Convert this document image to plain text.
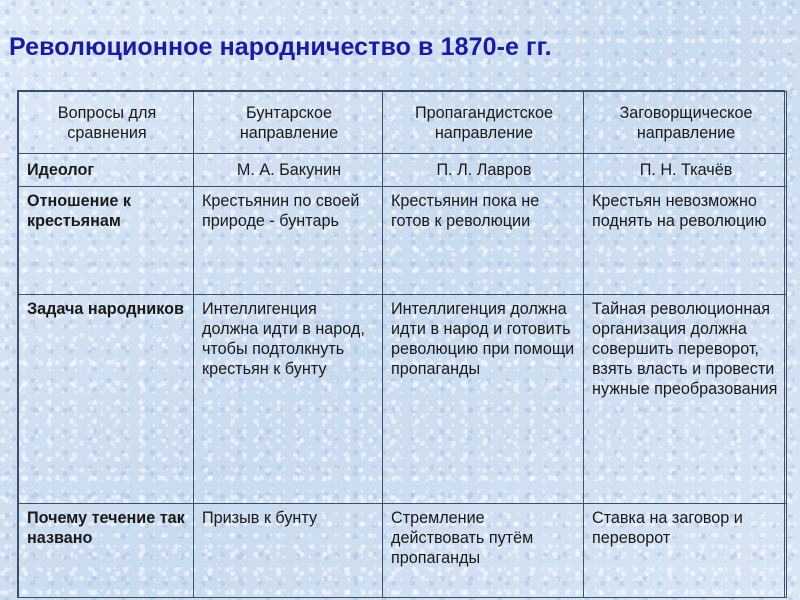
Революционное народничество в 1870-е гг.
Вопросы для сравнения	Бунтарское направление	Пропагандистское направление	Заговорщическое направление

Идеолог	М. А. Бакунин	П. Л. Лавров	П. Н. Ткачёв

Отношение к крестьянам	Крестьянин по своей природе - бунтарь	Крестьянин пока не готов к революции	Крестьян невозможно поднять на революцию

Задача народников	Интеллигенция должна идти в народ, чтобы подтолкнуть крестьян к бунту	Интеллигенция должна идти в народ и готовить революцию при помощи пропаганды	Тайная революционная организация должна совершить переворот, взять власть и провести нужные преобразования

Почему течение так названо	Призыв к бунту	Стремление действовать путём пропаганды	Ставка на заговор и переворот
